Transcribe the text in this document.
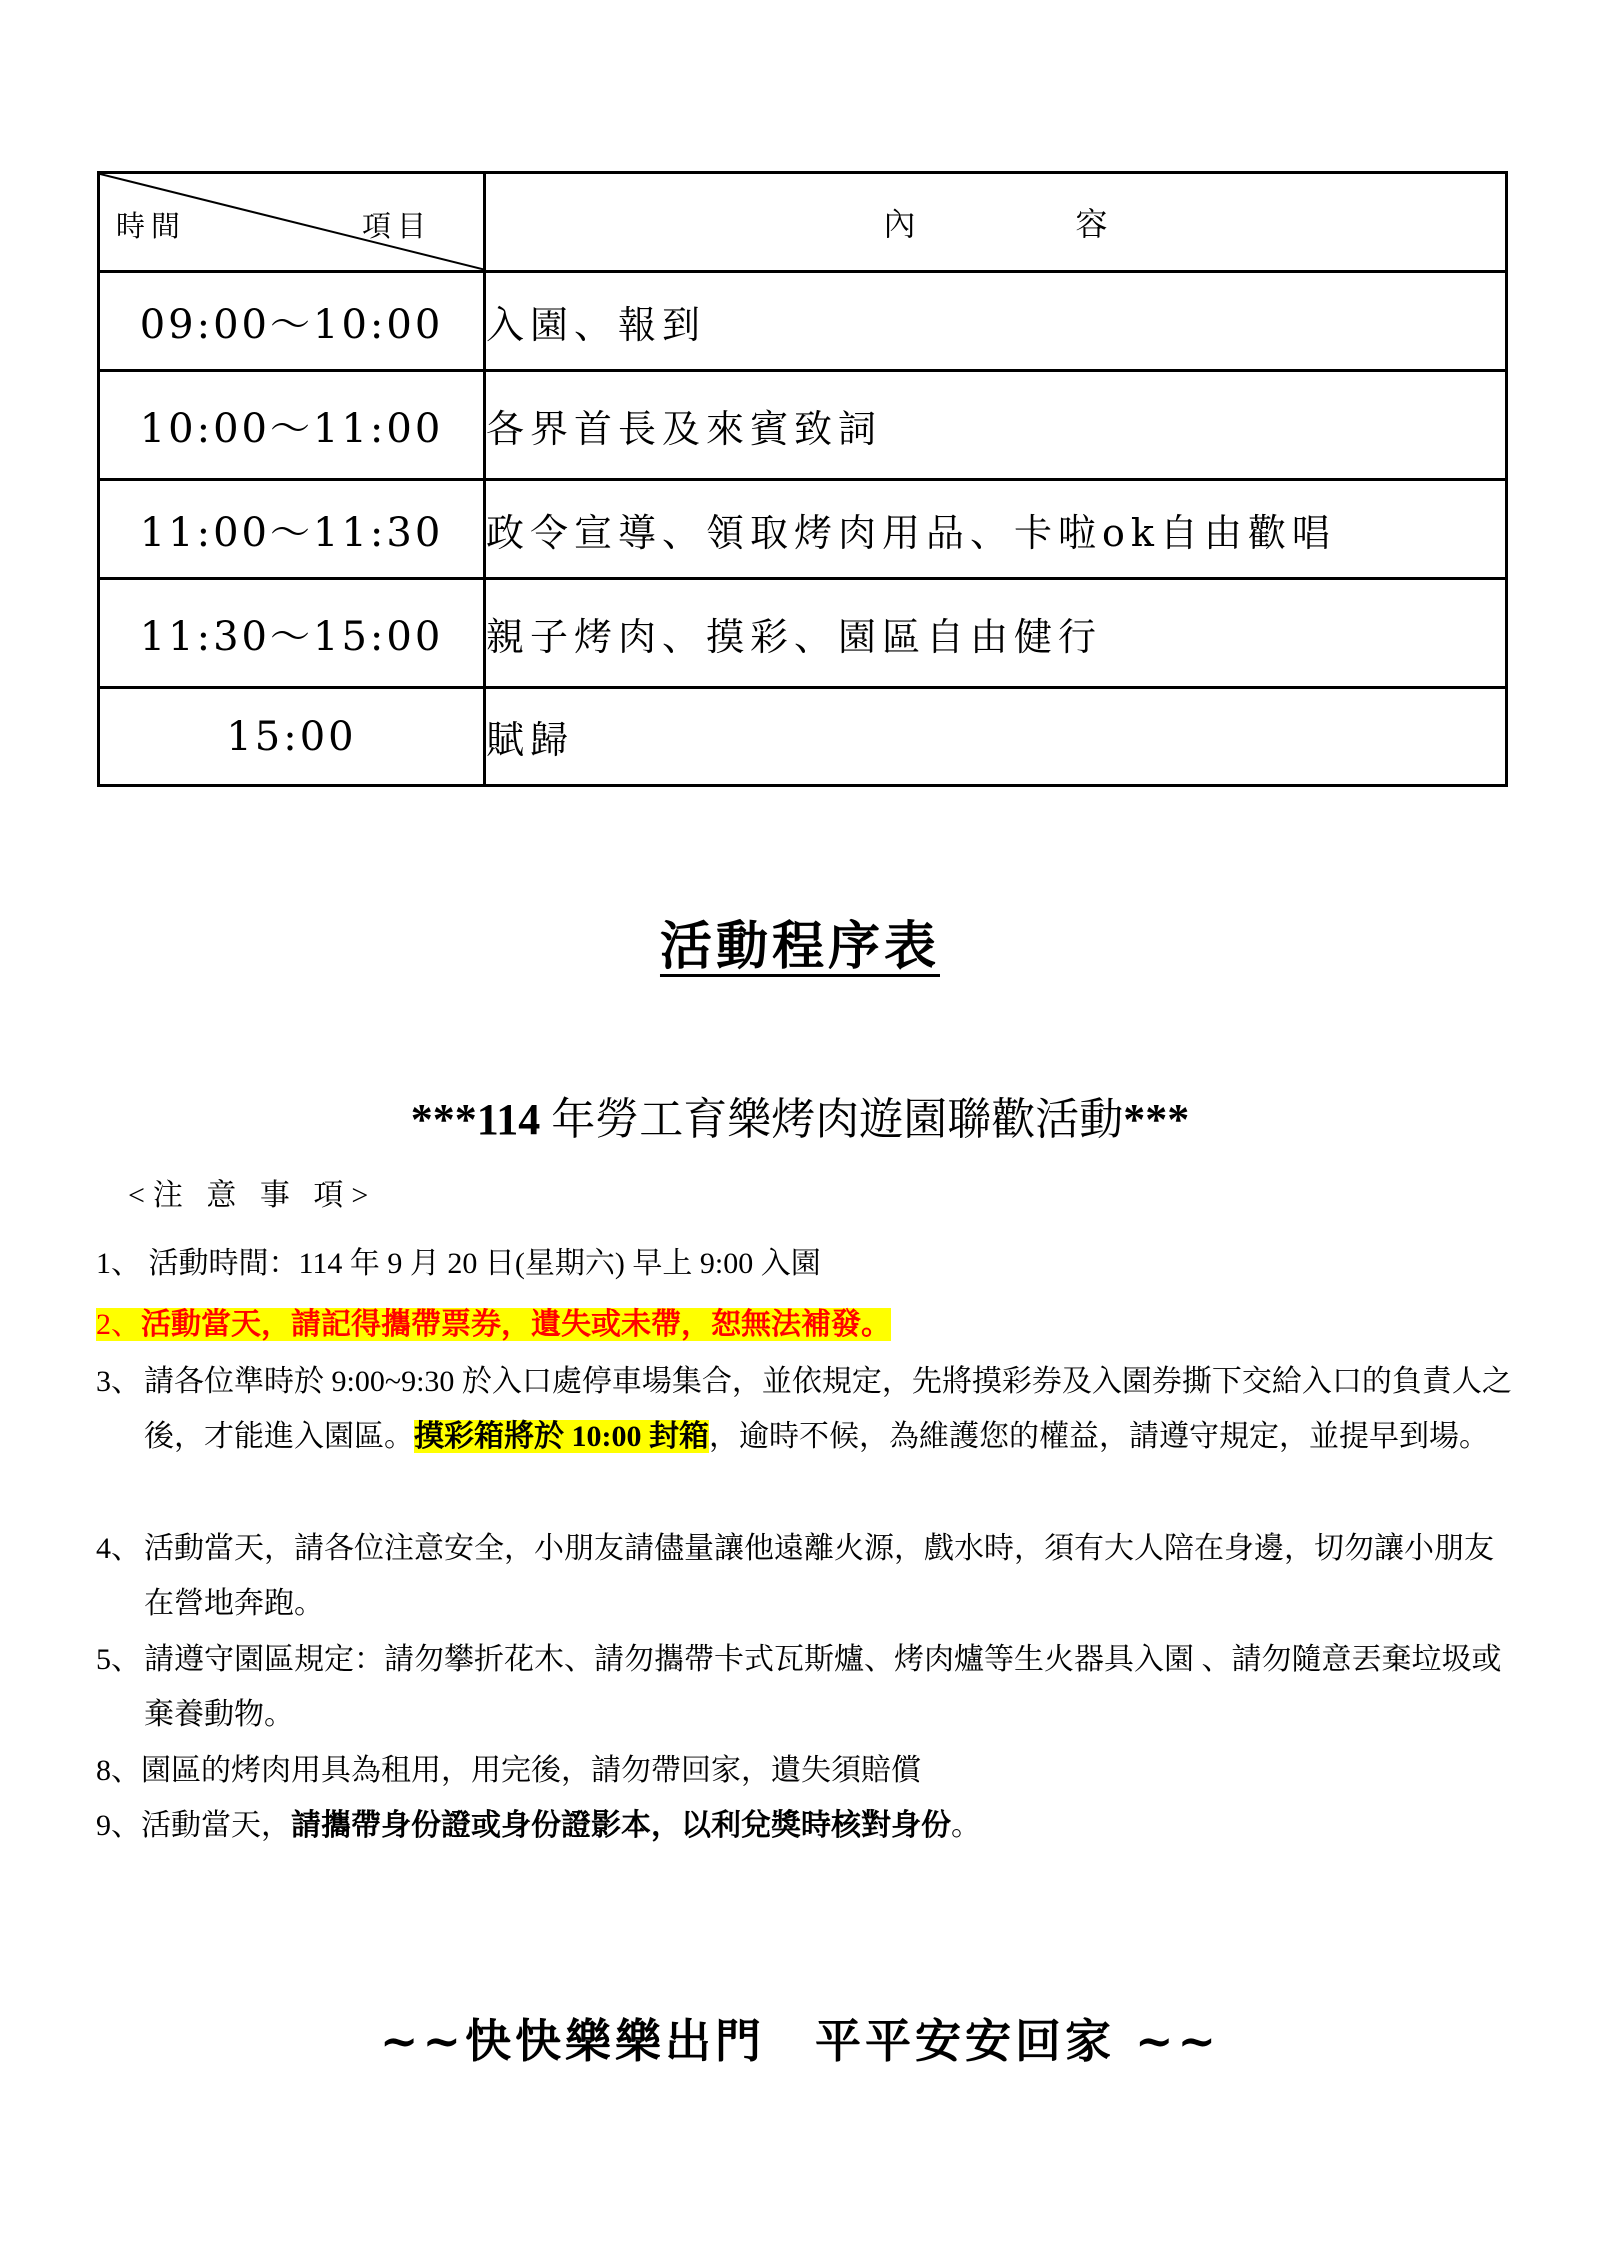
時間 項目	內 容
09:00～10:00	入園、報到
10:00～11:00	各界首長及來賓致詞
11:00～11:30	政令宣導、領取烤肉用品、卡啦ok自由歡唱
11:30～15:00	親子烤肉、摸彩、園區自由健行
15:00	賦歸
活動程序表
***114 年勞工育樂烤肉遊園聯歡活動***
<注 意 事 項>

1、 活動時間：114 年 9 月 20 日(星期六) 早上 9:00 入園

2、活動當天，請記得攜帶票券，遺失或未帶，恕無法補發。

3、 請各位準時於 9:00~9:30 於入口處停車場集合，並依規定，先將摸彩券及入園券撕下交給入口的負責人之後，才能進入園區。摸彩箱將於 10:00 封箱，逾時不候，為維護您的權益，請遵守規定，並提早到場。

4、 活動當天，請各位注意安全，小朋友請儘量讓他遠離火源，戲水時，須有大人陪在身邊，切勿讓小朋友在營地奔跑。

5、 請遵守園區規定：請勿攀折花木、請勿攜帶卡式瓦斯爐、烤肉爐等生火器具入園 、請勿隨意丟棄垃圾或棄養動物。

8、園區的烤肉用具為租用，用完後，請勿帶回家，遺失須賠償

9、活動當天，請攜帶身份證或身份證影本，以利兌獎時核對身份。

~~快快樂樂出門　平平安安回家 ~~
